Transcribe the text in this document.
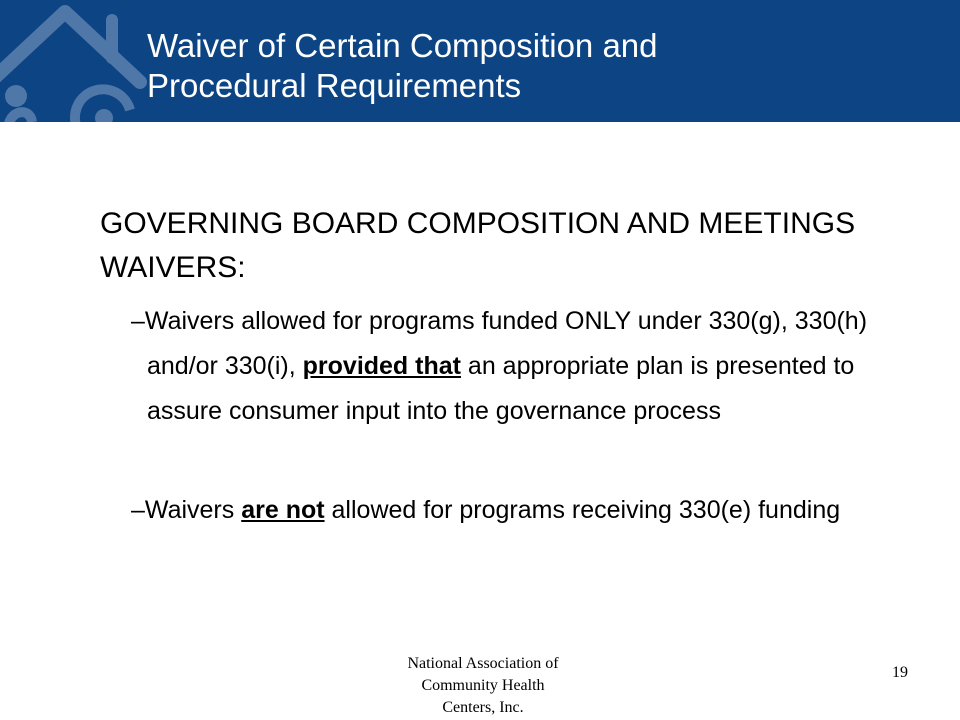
Waiver of Certain Composition and
Procedural Requirements
GOVERNING BOARD COMPOSITION AND MEETINGS WAIVERS:

–Waivers allowed for programs funded ONLY under 330(g), 330(h) and/or 330(i), provided that an appropriate plan is presented to assure consumer input into the governance process

–Waivers are not allowed for programs receiving 330(e) funding

National Association of
Community Health
Centers, Inc.
19
